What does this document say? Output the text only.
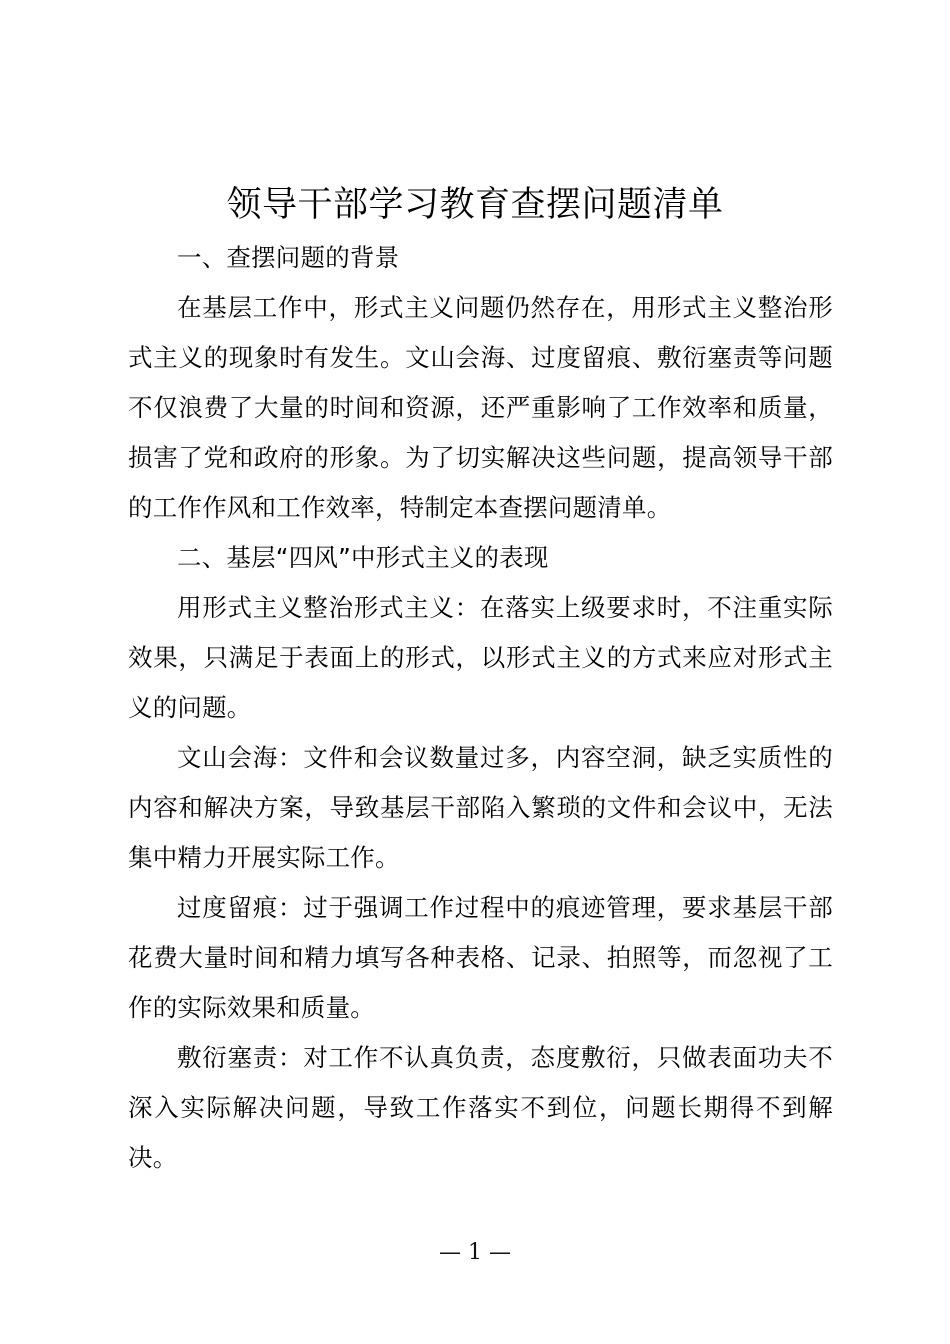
领导干部学习教育查摆问题清单

一、查摆问题的背景

在基层工作中，形式主义问题仍然存在，用形式主义整治形式主义的现象时有发生。文山会海、过度留痕、敷衍塞责等问题不仅浪费了大量的时间和资源，还严重影响了工作效率和质量，损害了党和政府的形象。为了切实解决这些问题，提高领导干部的工作作风和工作效率，特制定本查摆问题清单。

二、基层“四风”中形式主义的表现

用形式主义整治形式主义：在落实上级要求时，不注重实际效果，只满足于表面上的形式，以形式主义的方式来应对形式主义的问题。

文山会海：文件和会议数量过多，内容空洞，缺乏实质性的内容和解决方案，导致基层干部陷入繁琐的文件和会议中，无法集中精力开展实际工作。

过度留痕：过于强调工作过程中的痕迹管理，要求基层干部花费大量时间和精力填写各种表格、记录、拍照等，而忽视了工作的实际效果和质量。

敷衍塞责：对工作不认真负责，态度敷衍，只做表面功夫不深入实际解决问题，导致工作落实不到位，问题长期得不到解决。

— 1 —
